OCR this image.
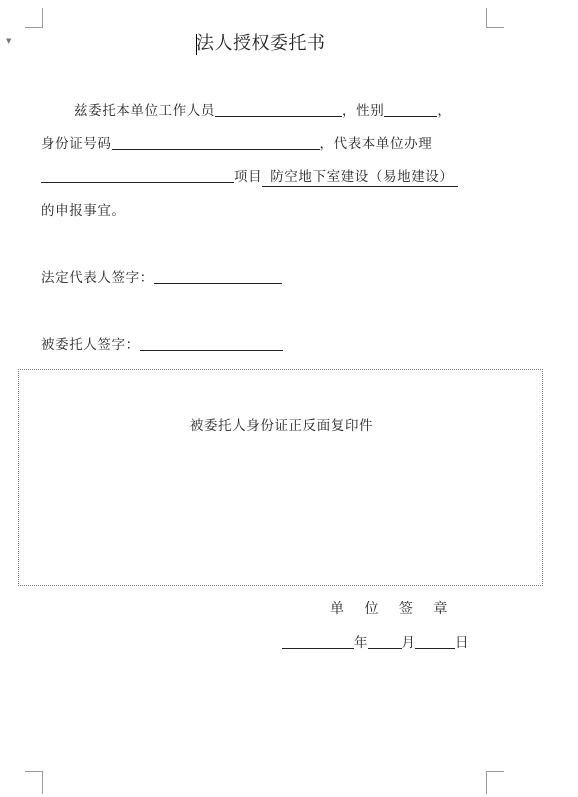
▼	法人授权委托书
兹委托本单位工作人员	，性别	，
身份证号码	，代表本单位办理
项目 防空地下室建设（易地建设）
的申报事宜。
法定代表人签字：
被委托人签字：
被委托人身份证正反面复印件
单 位 签 章
年	月	日
